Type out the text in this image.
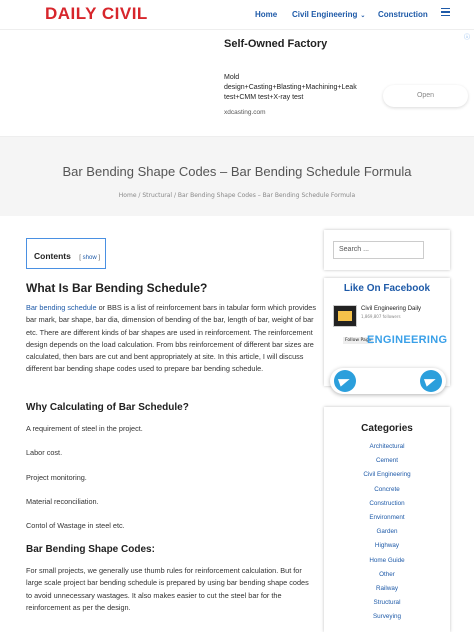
DAILY CIVIL	Home Civil Engineering ⌄ Construction
ⓘ
Self-Owned Factory
Mold design+Casting+Blasting+Machining+Leak test+CMM test+X-ray test
xdcasting.com
Open
Bar Bending Shape Codes – Bar Bending Schedule Formula
Home / Structural / Bar Bending Shape Codes – Bar Bending Schedule Formula
Contents [ show ]
What Is Bar Bending Schedule?
Bar bending schedule or BBS is a list of reinforcement bars in tabular form which provides bar mark, bar shape, bar dia, dimension of bending of the bar, length of bar, weight of bar etc. There are different kinds of bar shapes are used in reinforcement. The reinforcement design depends on the load calculation. From bbs reinforcement of different bar sizes are calculated, then bars are cut and bent appropriately at site. In this article, I will discuss different bar bending shape codes used to prepare bar bending schedule.
Why Calculating of Bar Schedule?
A requirement of steel in the project.
Labor cost.
Project monitoring.
Material reconciliation.
Contol of Wastage in steel etc.
Bar Bending Shape Codes:
For small projects, we generally use thumb rules for reinforcement calculation. But for large scale project bar bending schedule is prepared by using bar bending shape codes to avoid unnecessary wastages. It also makes easier to cut the steel bar for the reinforcement as per the design.
Search ...
Like On Facebook
Civil Engineering Daily
1,869,807 followers
Follow Page
ENGINEERING
Categories
Architectural
Cement
Civil Engineering
Concrete
Construction
Environment
Garden
Highway
Home Guide
Other
Railway
Structural
Surveying
